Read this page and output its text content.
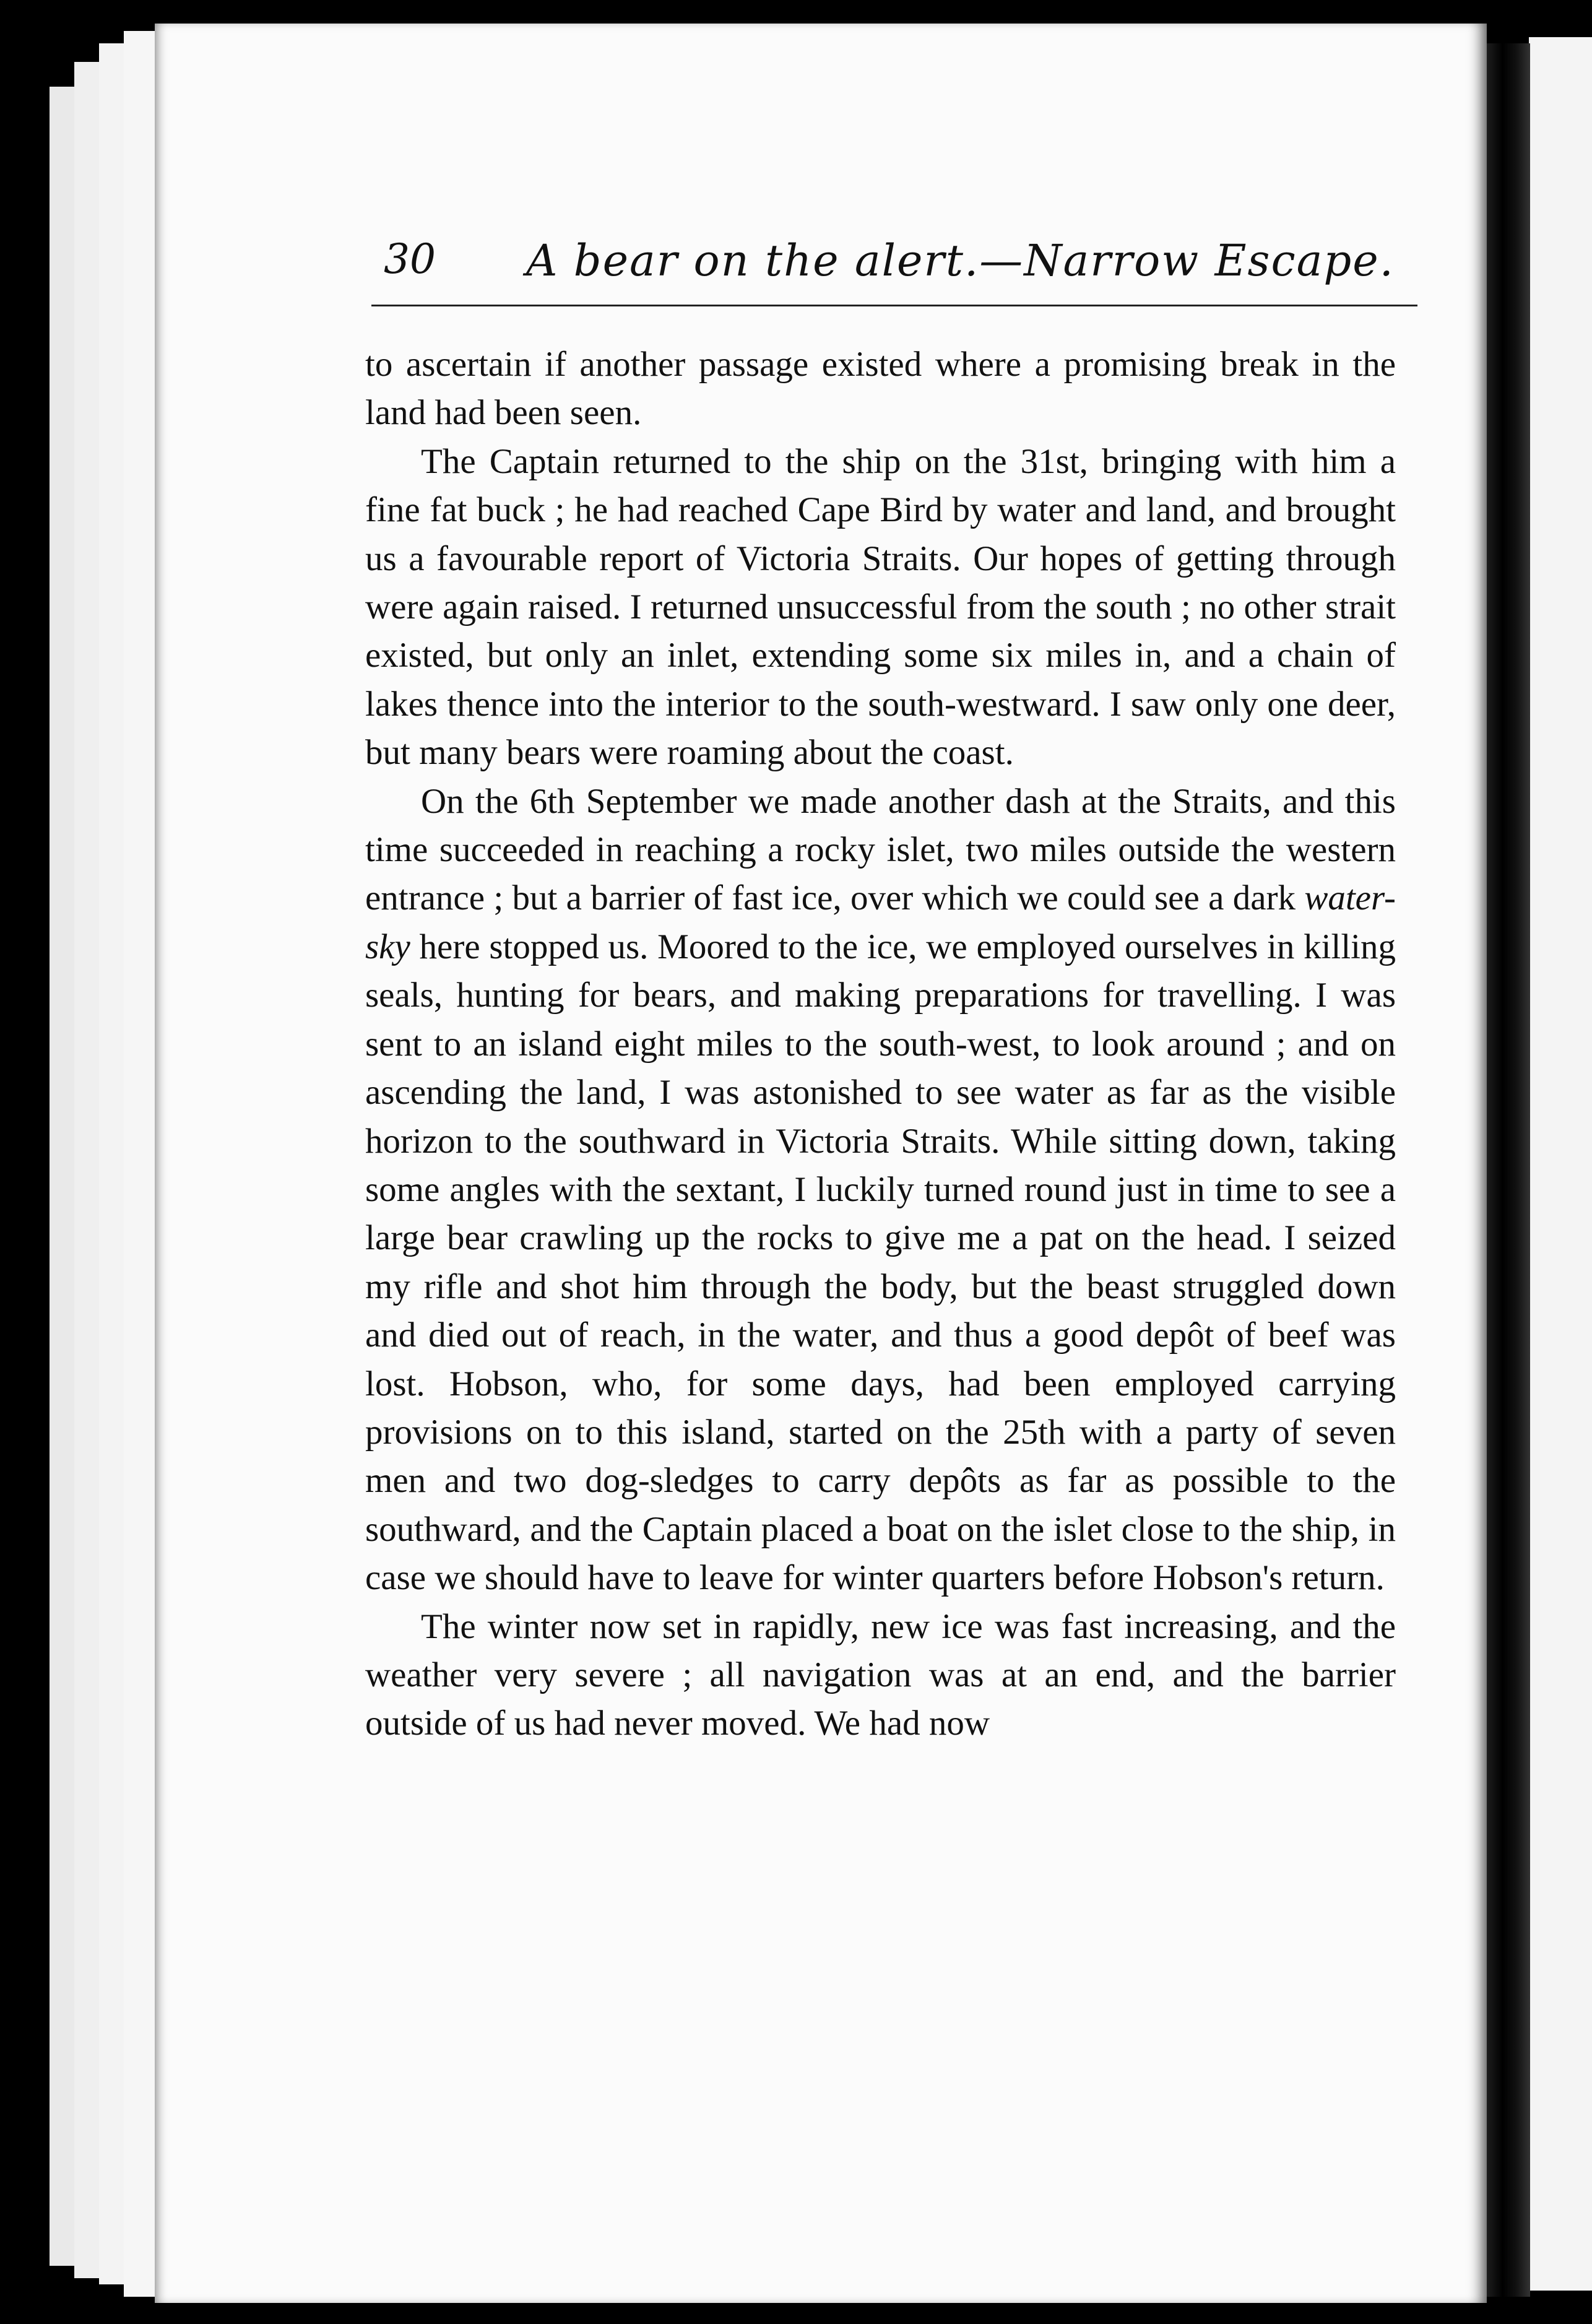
30 A bear on the alert.—Narrow Escape.

to ascertain if another passage existed where a promising break in the land had been seen.

The Captain returned to the ship on the 31st, bringing with him a fine fat buck ; he had reached Cape Bird by water and land, and brought us a favourable report of Victoria Straits. Our hopes of getting through were again raised. I returned unsuccessful from the south ; no other strait existed, but only an inlet, extending some six miles in, and a chain of lakes thence into the interior to the south-westward. I saw only one deer, but many bears were roaming about the coast.

On the 6th September we made another dash at the Straits, and this time succeeded in reaching a rocky islet, two miles outside the western entrance ; but a barrier of fast ice, over which we could see a dark water-sky here stopped us. Moored to the ice, we employed ourselves in killing seals, hunting for bears, and making preparations for travelling. I was sent to an island eight miles to the south-west, to look around ; and on ascending the land, I was astonished to see water as far as the visible horizon to the southward in Victoria Straits. While sitting down, taking some angles with the sextant, I luckily turned round just in time to see a large bear crawling up the rocks to give me a pat on the head. I seized my rifle and shot him through the body, but the beast struggled down and died out of reach, in the water, and thus a good depôt of beef was lost. Hobson, who, for some days, had been employed carrying provisions on to this island, started on the 25th with a party of seven men and two dog-sledges to carry depôts as far as possible to the southward, and the Captain placed a boat on the islet close to the ship, in case we should have to leave for winter quarters before Hobson's return.

The winter now set in rapidly, new ice was fast increasing, and the weather very severe ; all navigation was at an end, and the barrier outside of us had never moved. We had now
